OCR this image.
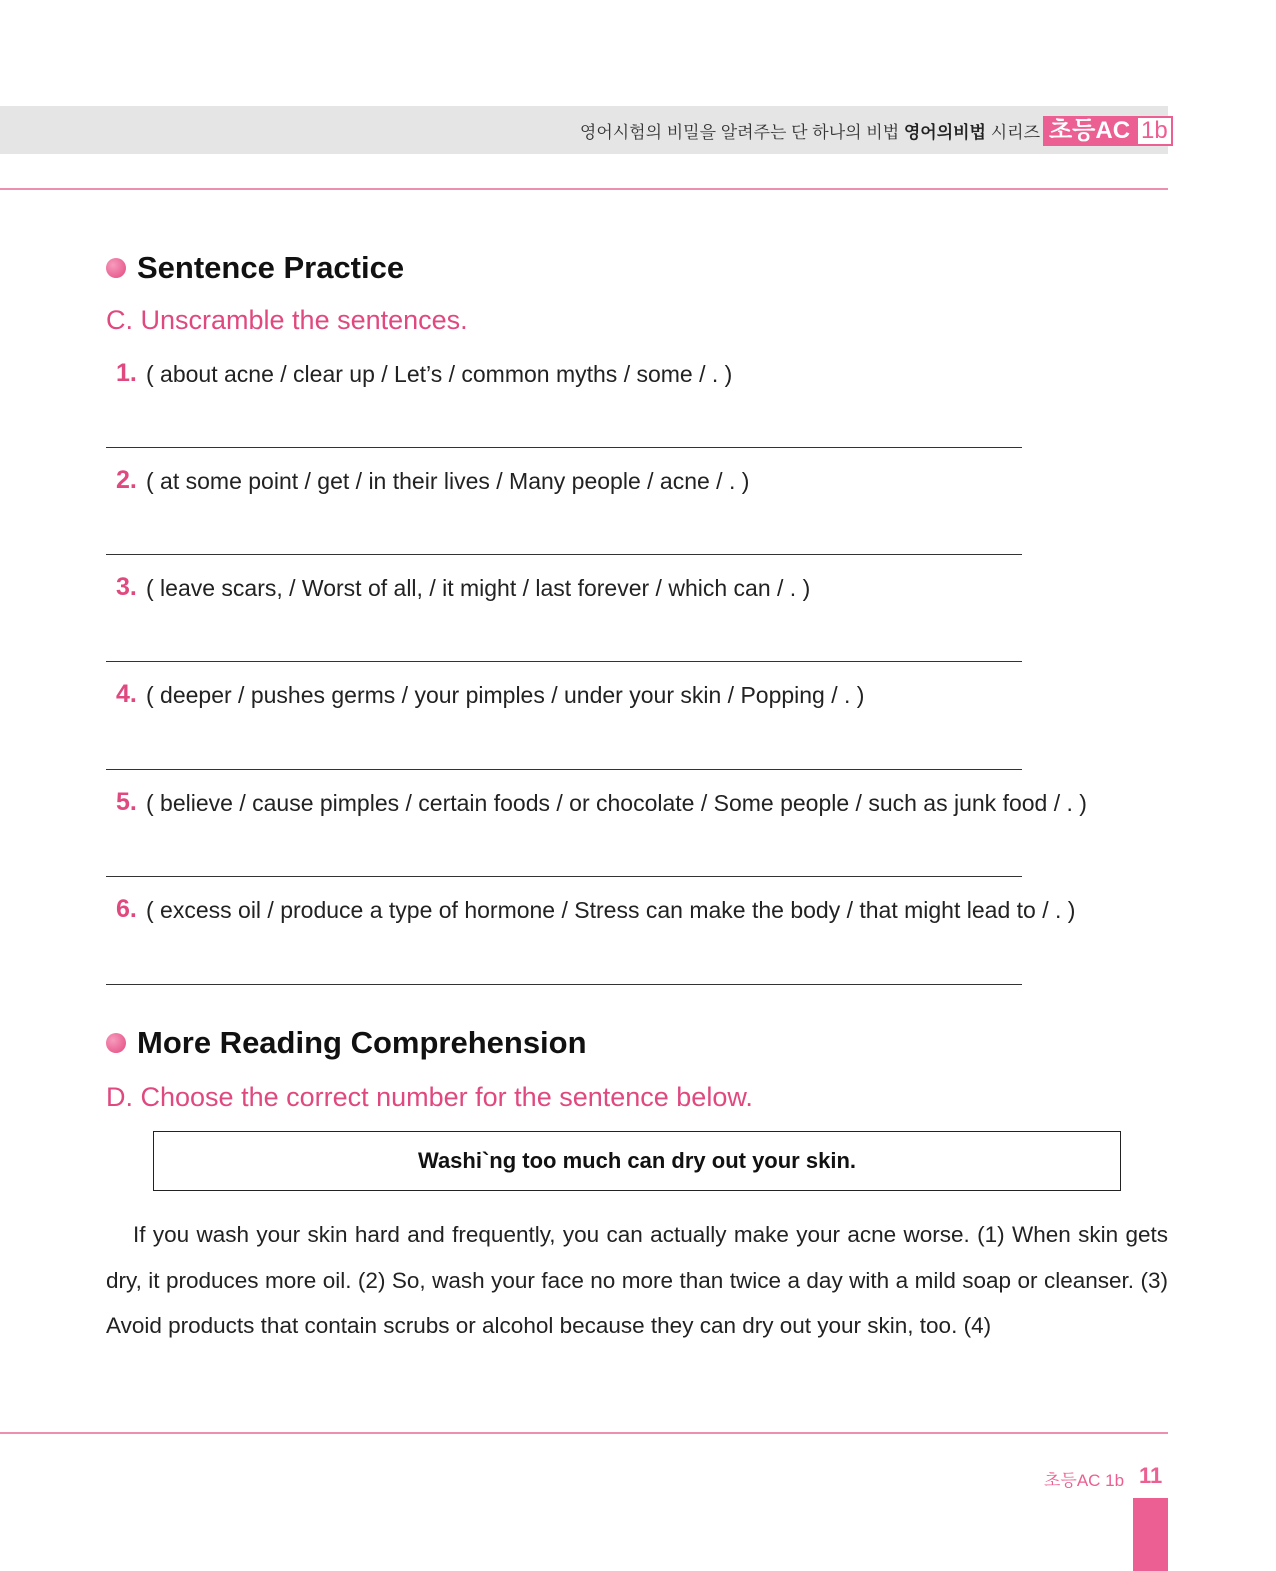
영어시험의 비밀을 알려주는 단 하나의 비법 영어의비법 시리즈 초등AC 1b
Sentence Practice
C. Unscramble the sentences.
1. ( about acne / clear up / Let’s / common myths / some / . )
2. ( at some point / get / in their lives / Many people / acne / . )
3. ( leave scars, / Worst of all, / it might / last forever / which can / . )
4. ( deeper / pushes germs / your pimples / under your skin / Popping / . )
5. ( believe / cause pimples / certain foods / or chocolate / Some people / such as junk food / . )
6. ( excess oil / produce a type of hormone / Stress can make the body / that might lead to / . )
More Reading Comprehension
D. Choose the correct number for the sentence below.
Washi`ng too much can dry out your skin.
If you wash your skin hard and frequently, you can actually make your acne worse. (1) When skin gets dry, it produces more oil. (2) So, wash your face no more than twice a day with a mild soap or cleanser. (3) Avoid products that contain scrubs or alcohol because they can dry out your skin, too. (4)
초등AC 1b 11
